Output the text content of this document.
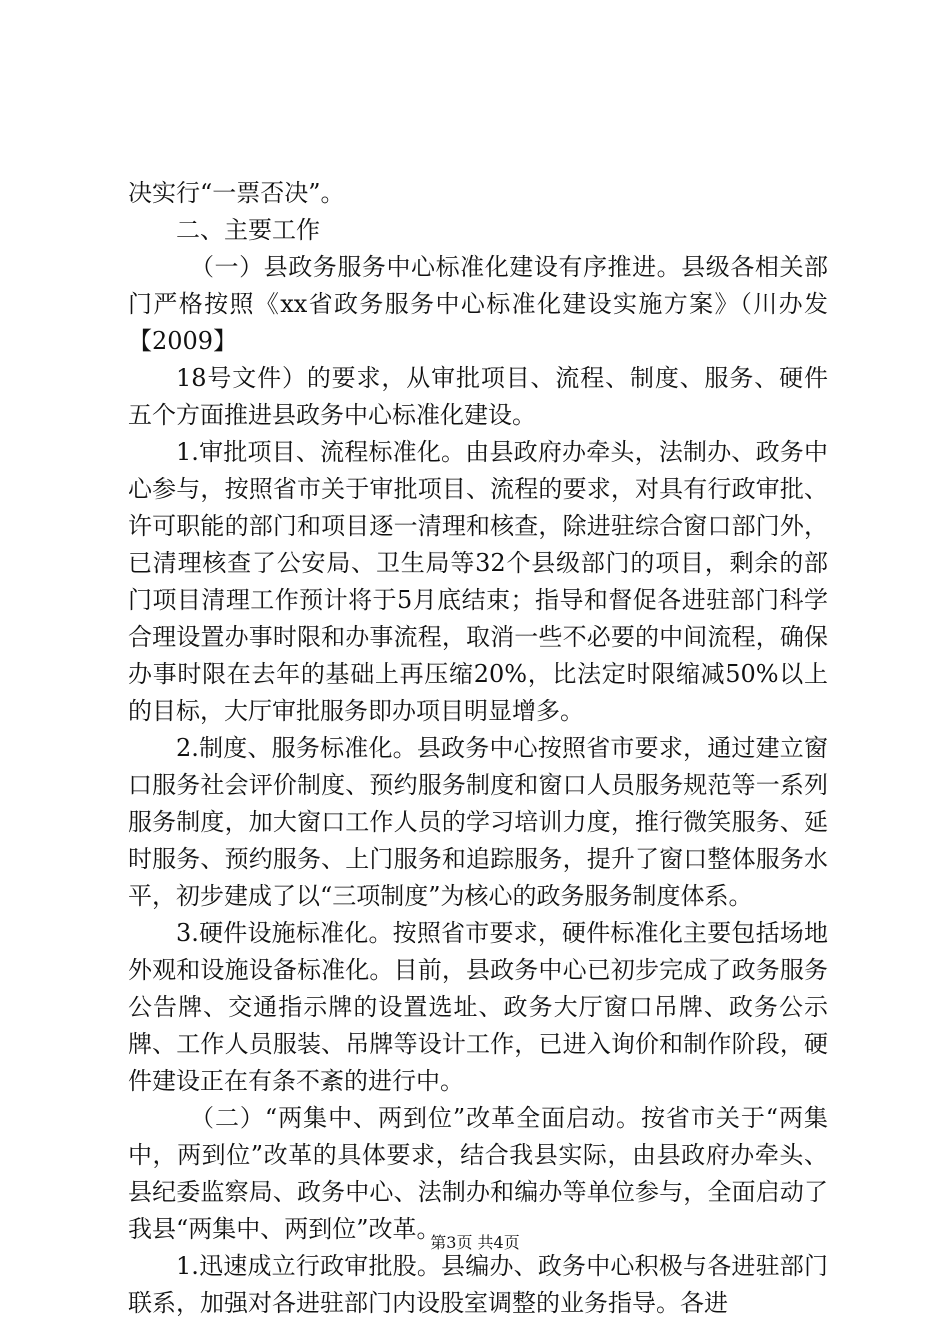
决实行“一票否决”。

二、主要工作

（一）县政务服务中心标准化建设有序推进。县级各相关部门严格按照《xx省政务服务中心标准化建设实施方案》（川办发【2009】

18号文件）的要求，从审批项目、流程、制度、服务、硬件五个方面推进县政务中心标准化建设。

1.审批项目、流程标准化。由县政府办牵头，法制办、政务中心参与，按照省市关于审批项目、流程的要求，对具有行政审批、许可职能的部门和项目逐一清理和核查，除进驻综合窗口部门外，已清理核查了公安局、卫生局等32个县级部门的项目，剩余的部门项目清理工作预计将于5月底结束；指导和督促各进驻部门科学合理设置办事时限和办事流程，取消一些不必要的中间流程，确保办事时限在去年的基础上再压缩20%，比法定时限缩减50%以上的目标，大厅审批服务即办项目明显增多。

2.制度、服务标准化。县政务中心按照省市要求，通过建立窗口服务社会评价制度、预约服务制度和窗口人员服务规范等一系列服务制度，加大窗口工作人员的学习培训力度，推行微笑服务、延时服务、预约服务、上门服务和追踪服务，提升了窗口整体服务水平，初步建成了以“三项制度”为核心的政务服务制度体系。

3.硬件设施标准化。按照省市要求，硬件标准化主要包括场地外观和设施设备标准化。目前，县政务中心已初步完成了政务服务公告牌、交通指示牌的设置选址、政务大厅窗口吊牌、政务公示牌、工作人员服装、吊牌等设计工作，已进入询价和制作阶段，硬件建设正在有条不紊的进行中。

（二）“两集中、两到位”改革全面启动。按省市关于“两集中，两到位”改革的具体要求，结合我县实际，由县政府办牵头、县纪委监察局、政务中心、法制办和编办等单位参与，全面启动了我县“两集中、两到位”改革。

1.迅速成立行政审批股。县编办、政务中心积极与各进驻部门联系，加强对各进驻部门内设股室调整的业务指导。各进

第3页 共4页
